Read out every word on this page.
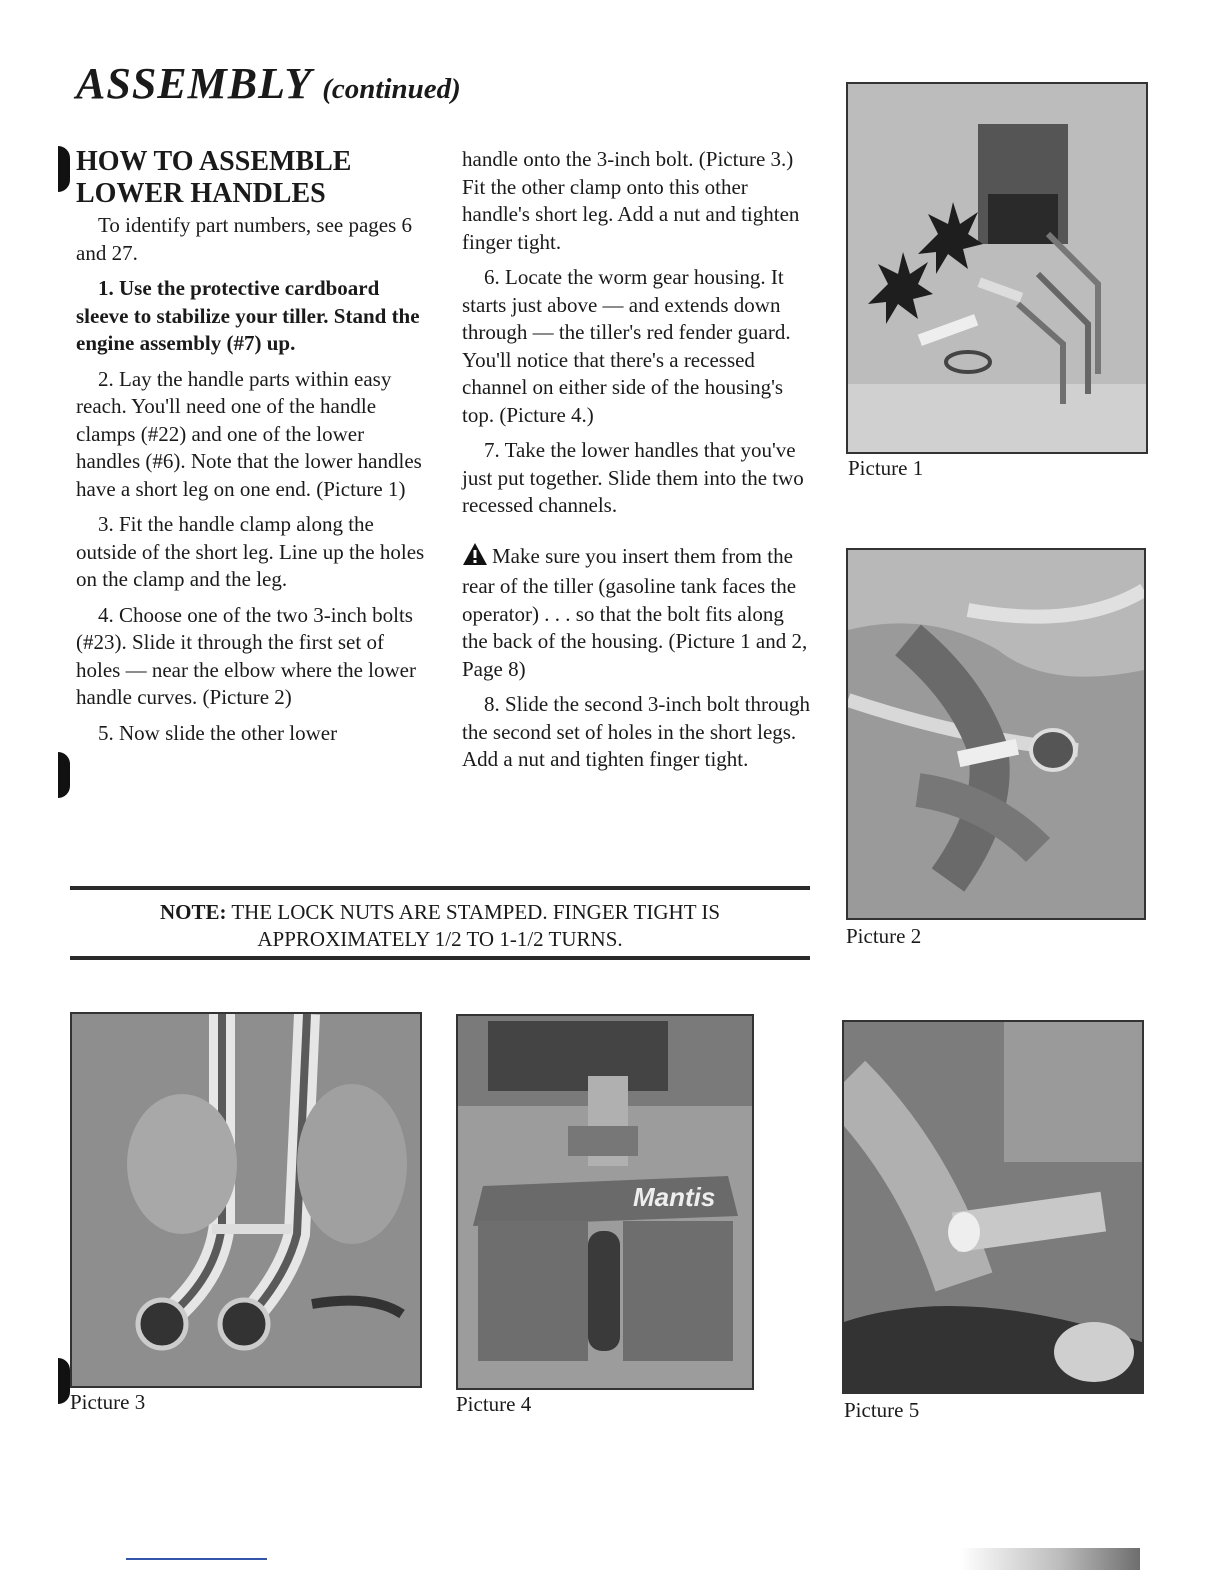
ASSEMBLY (continued)
HOW TO ASSEMBLE
LOWER HANDLES

To identify part numbers, see pages 6 and 27.

1. Use the protective cardboard sleeve to stabilize your tiller. Stand the engine assembly (#7) up.

2. Lay the handle parts within easy reach. You'll need one of the handle clamps (#22) and one of the lower handles (#6). Note that the lower handles have a short leg on one end. (Picture 1)

3. Fit the handle clamp along the outside of the short leg. Line up the holes on the clamp and the leg.

4. Choose one of the two 3-inch bolts (#23). Slide it through the first set of holes — near the elbow where the lower handle curves. (Picture 2)

5. Now slide the other lower

handle onto the 3-inch bolt. (Picture 3.) Fit the other clamp onto this other handle's short leg. Add a nut and tighten finger tight.

6. Locate the worm gear housing. It starts just above — and extends down through — the tiller's red fender guard. You'll notice that there's a recessed channel on either side of the housing's top. (Picture 4.)

7. Take the lower handles that you've just put together. Slide them into the two recessed channels.

Make sure you insert them from the rear of the tiller (gasoline tank faces the operator) . . . so that the bolt fits along the back of the housing. (Picture 1 and 2, Page 8)

8. Slide the second 3-inch bolt through the second set of holes in the short legs. Add a nut and tighten finger tight.

NOTE: THE LOCK NUTS ARE STAMPED. FINGER TIGHT IS
APPROXIMATELY 1/2 TO 1-1/2 TURNS.
Picture 1
Picture 2
Picture 3
Mantis
Picture 4	Picture 5
